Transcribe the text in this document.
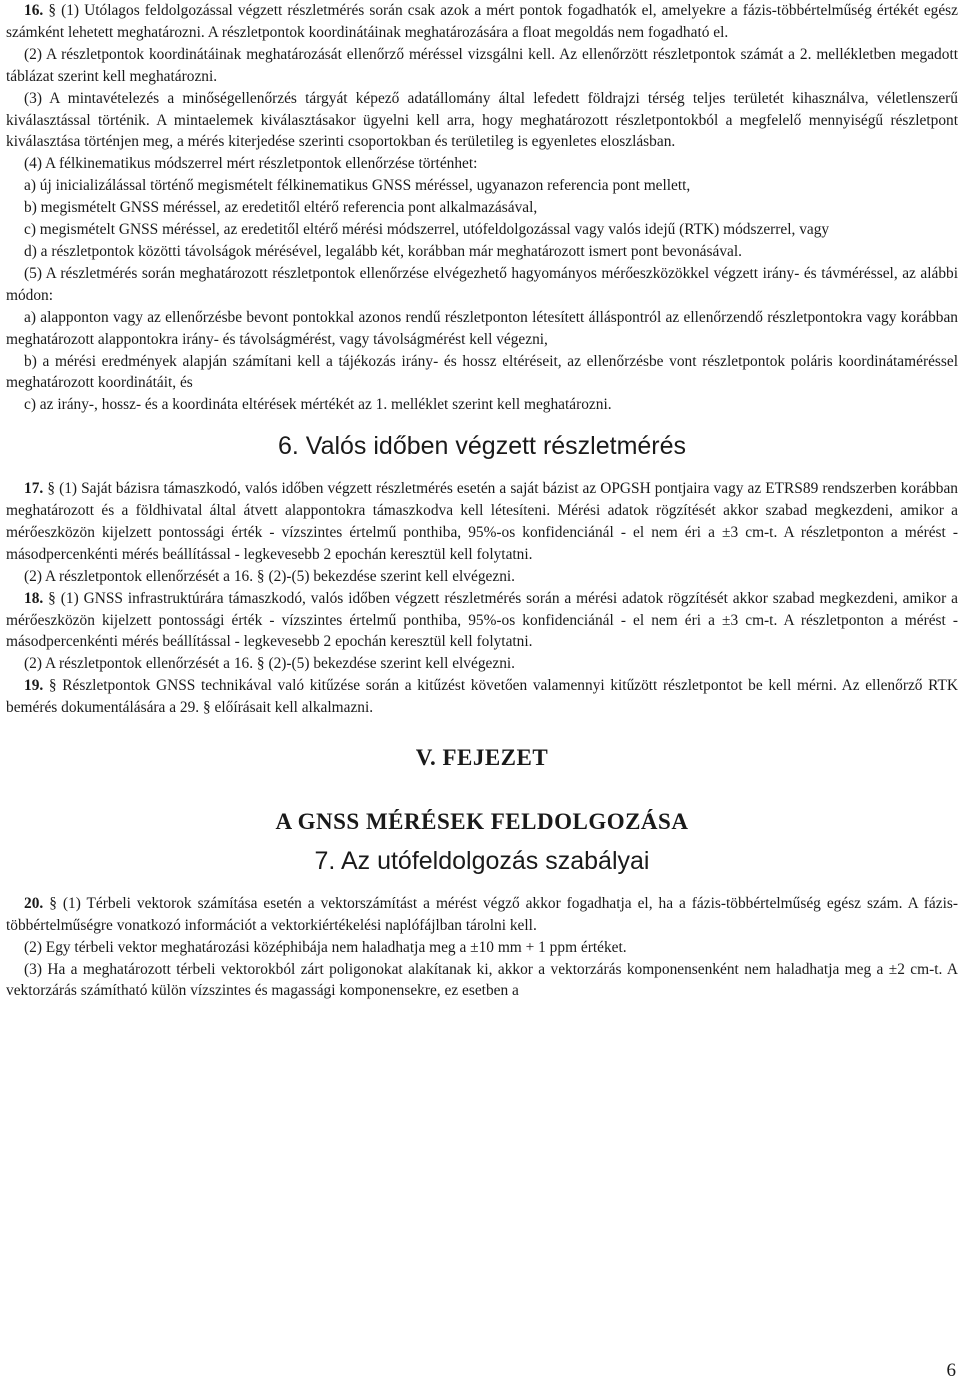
16. § (1) Utólagos feldolgozással végzett részletmérés során csak azok a mért pontok fogadhatók el, amelyekre a fázis-többértelműség értékét egész számként lehetett meghatározni. A részletpontok koordinátáinak meghatározására a float megoldás nem fogadható el.

(2) A részletpontok koordinátáinak meghatározását ellenőrző méréssel vizsgálni kell. Az ellenőrzött részletpontok számát a 2. mellékletben megadott táblázat szerint kell meghatározni.

(3) A mintavételezés a minőségellenőrzés tárgyát képező adatállomány által lefedett földrajzi térség teljes területét kihasználva, véletlenszerű kiválasztással történik. A mintaelemek kiválasztásakor ügyelni kell arra, hogy meghatározott részletpontokból a megfelelő mennyiségű részletpont kiválasztása történjen meg, a mérés kiterjedése szerinti csoportokban és területileg is egyenletes eloszlásban.

(4) A félkinematikus módszerrel mért részletpontok ellenőrzése történhet:

a) új inicializálással történő megismételt félkinematikus GNSS méréssel, ugyanazon referencia pont mellett,

b) megismételt GNSS méréssel, az eredetitől eltérő referencia pont alkalmazásával,

c) megismételt GNSS méréssel, az eredetitől eltérő mérési módszerrel, utófeldolgozással vagy valós idejű (RTK) módszerrel, vagy

d) a részletpontok közötti távolságok mérésével, legalább két, korábban már meghatározott ismert pont bevonásával.

(5) A részletmérés során meghatározott részletpontok ellenőrzése elvégezhető hagyományos mérőeszközökkel végzett irány- és távméréssel, az alábbi módon:

a) alapponton vagy az ellenőrzésbe bevont pontokkal azonos rendű részletponton létesített álláspontról az ellenőrzendő részletpontokra vagy korábban meghatározott alappontokra irány- és távolságmérést, vagy távolságmérést kell végezni,

b) a mérési eredmények alapján számítani kell a tájékozás irány- és hossz eltéréseit, az ellenőrzésbe vont részletpontok poláris koordinátaméréssel meghatározott koordinátáit, és

c) az irány-, hossz- és a koordináta eltérések mértékét az 1. melléklet szerint kell meghatározni.

6. Valós időben végzett részletmérés

17. § (1) Saját bázisra támaszkodó, valós időben végzett részletmérés esetén a saját bázist az OPGSH pontjaira vagy az ETRS89 rendszerben korábban meghatározott és a földhivatal által átvett alappontokra támaszkodva kell létesíteni. Mérési adatok rögzítését akkor szabad megkezdeni, amikor a mérőeszközön kijelzett pontossági érték - vízszintes értelmű ponthiba, 95%-os konfidenciánál - el nem éri a ±3 cm-t. A részletponton a mérést - másodpercenkénti mérés beállítással - legkevesebb 2 epochán keresztül kell folytatni.

(2) A részletpontok ellenőrzését a 16. § (2)-(5) bekezdése szerint kell elvégezni.

18. § (1) GNSS infrastruktúrára támaszkodó, valós időben végzett részletmérés során a mérési adatok rögzítését akkor szabad megkezdeni, amikor a mérőeszközön kijelzett pontossági érték - vízszintes értelmű ponthiba, 95%-os konfidenciánál - el nem éri a ±3 cm-t. A részletponton a mérést - másodpercenkénti mérés beállítással - legkevesebb 2 epochán keresztül kell folytatni.

(2) A részletpontok ellenőrzését a 16. § (2)-(5) bekezdése szerint kell elvégezni.

19. § Részletpontok GNSS technikával való kitűzése során a kitűzést követően valamennyi kitűzött részletpontot be kell mérni. Az ellenőrző RTK bemérés dokumentálására a 29. § előírásait kell alkalmazni.

V. FEJEZET
A GNSS MÉRÉSEK FELDOLGOZÁSA
7. Az utófeldolgozás szabályai

20. § (1) Térbeli vektorok számítása esetén a vektorszámítást a mérést végző akkor fogadhatja el, ha a fázis-többértelműség egész szám. A fázis-többértelműségre vonatkozó információt a vektorkiértékelési naplófájlban tárolni kell.

(2) Egy térbeli vektor meghatározási középhibája nem haladhatja meg a ±10 mm + 1 ppm értéket.

(3) Ha a meghatározott térbeli vektorokból zárt poligonokat alakítanak ki, akkor a vektorzárás komponensenként nem haladhatja meg a ±2 cm-t. A vektorzárás számítható külön vízszintes és magassági komponensekre, ez esetben a

6
